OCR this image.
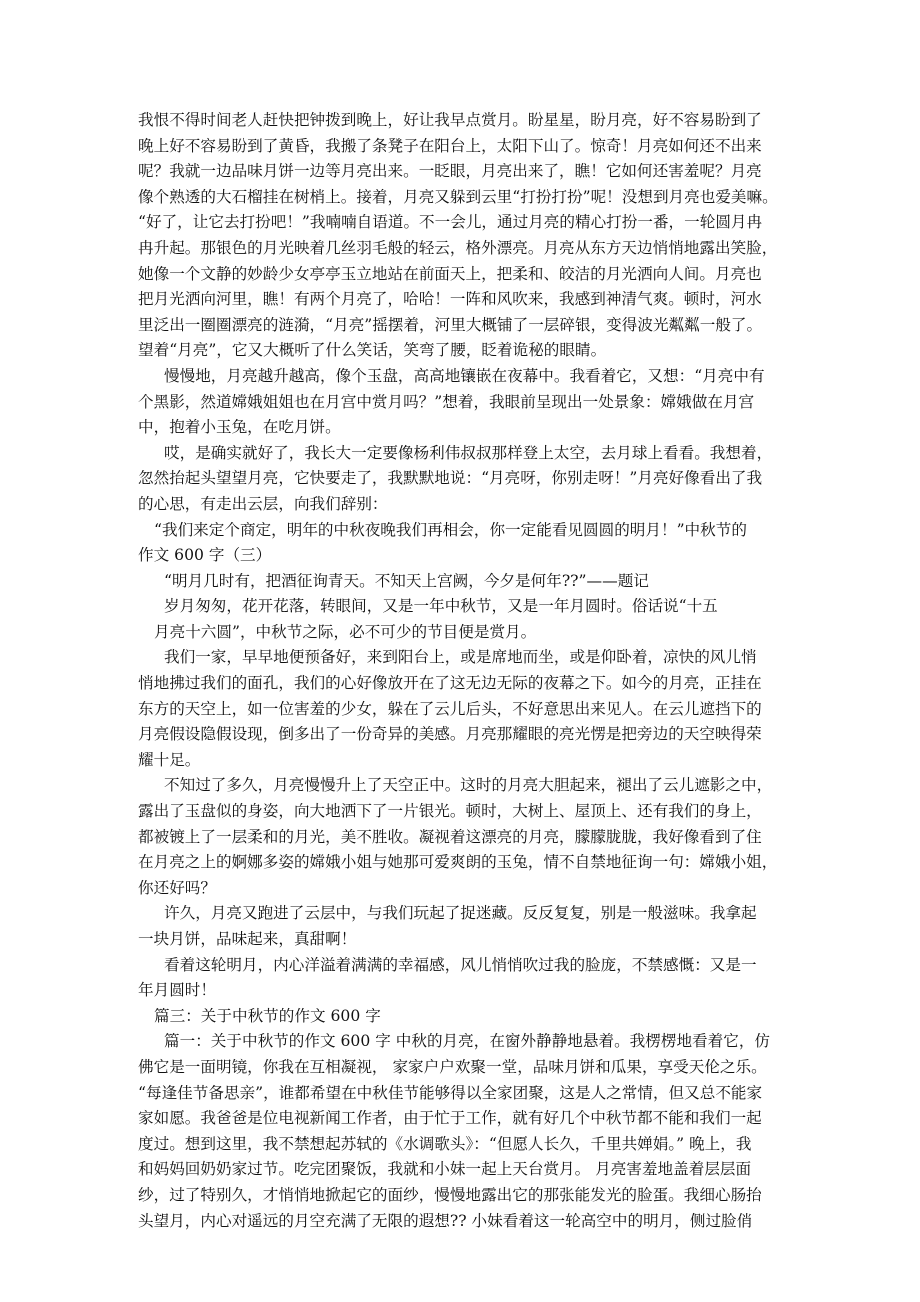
我恨不得时间老人赶快把钟拨到晚上，好让我早点赏月。盼星星，盼月亮，好不容易盼到了
晚上好不容易盼到了黄昏，我搬了条凳子在阳台上，太阳下山了。惊奇！月亮如何还不出来
呢？我就一边品味月饼一边等月亮出来。一眨眼，月亮出来了，瞧！它如何还害羞呢？月亮
像个熟透的大石榴挂在树梢上。接着，月亮又躲到云里“打扮打扮”呢！没想到月亮也爱美嘛。
“好了，让它去打扮吧！”我喃喃自语道。不一会儿，通过月亮的精心打扮一番，一轮圆月冉
冉升起。那银色的月光映着几丝羽毛般的轻云，格外漂亮。月亮从东方天边悄悄地露出笑脸，
她像一个文静的妙龄少女亭亭玉立地站在前面天上，把柔和、皎洁的月光洒向人间。月亮也
把月光洒向河里，瞧！有两个月亮了，哈哈！一阵和风吹来，我感到神清气爽。顿时，河水
里泛出一圈圈漂亮的涟漪，“月亮”摇摆着，河里大概铺了一层碎银，变得波光粼粼一般了。
望着“月亮”，它又大概听了什么笑话，笑弯了腰，眨着诡秘的眼睛。
慢慢地，月亮越升越高，像个玉盘，高高地镶嵌在夜幕中。我看着它，又想：“月亮中有
个黑影，然道嫦娥姐姐也在月宫中赏月吗？”想着，我眼前呈现出一处景象：嫦娥做在月宫
中，抱着小玉兔，在吃月饼。
哎，是确实就好了，我长大一定要像杨利伟叔叔那样登上太空，去月球上看看。我想着，
忽然抬起头望望月亮，它快要走了，我默默地说：“月亮呀，你别走呀！”月亮好像看出了我
的心思，有走出云层，向我们辞别：
“我们来定个商定，明年的中秋夜晚我们再相会，你一定能看见圆圆的明月！”中秋节的
作文 600 字（三）
“明月几时有，把酒征询青天。不知天上宫阙，今夕是何年??”——题记
岁月匆匆，花开花落，转眼间，又是一年中秋节，又是一年月圆时。俗话说“十五
月亮十六圆”，中秋节之际，必不可少的节目便是赏月。
我们一家，早早地便预备好，来到阳台上，或是席地而坐，或是仰卧着，凉快的风儿悄
悄地拂过我们的面孔，我们的心好像放开在了这无边无际的夜幕之下。如今的月亮，正挂在
东方的天空上，如一位害羞的少女，躲在了云儿后头，不好意思出来见人。在云儿遮挡下的
月亮假设隐假设现，倒多出了一份奇异的美感。月亮那耀眼的亮光愣是把旁边的天空映得荣
耀十足。
不知过了多久，月亮慢慢升上了天空正中。这时的月亮大胆起来，褪出了云儿遮影之中，
露出了玉盘似的身姿，向大地洒下了一片银光。顿时，大树上、屋顶上、还有我们的身上，
都被镀上了一层柔和的月光，美不胜收。凝视着这漂亮的月亮，朦朦胧胧，我好像看到了住
在月亮之上的婀娜多姿的嫦娥小姐与她那可爱爽朗的玉兔，情不自禁地征询一句：嫦娥小姐，
你还好吗？
许久，月亮又跑进了云层中，与我们玩起了捉迷藏。反反复复，别是一般滋味。我拿起
一块月饼，品味起来，真甜啊！
看着这轮明月，内心洋溢着满满的幸福感，风儿悄悄吹过我的脸庞，不禁感慨：又是一
年月圆时！
篇三：关于中秋节的作文 600 字
篇一：关于中秋节的作文 600 字 中秋的月亮，在窗外静静地悬着。我楞楞地看着它，仿
佛它是一面明镜，你我在互相凝视， 家家户户欢聚一堂，品味月饼和瓜果，享受天伦之乐。
“每逢佳节备思亲”，谁都希望在中秋佳节能够得以全家团聚，这是人之常情，但又总不能家
家如愿。我爸爸是位电视新闻工作者，由于忙于工作，就有好几个中秋节都不能和我们一起
度过。想到这里，我不禁想起苏轼的《水调歌头》：“但愿人长久，千里共婵娟。” 晚上，我
和妈妈回奶奶家过节。吃完团聚饭，我就和小妹一起上天台赏月。 月亮害羞地盖着层层面
纱，过了特别久，才悄悄地掀起它的面纱，慢慢地露出它的那张能发光的脸蛋。我细心肠抬
头望月，内心对遥远的月空充满了无限的遐想?? 小妹看着这一轮高空中的明月，侧过脸俏
